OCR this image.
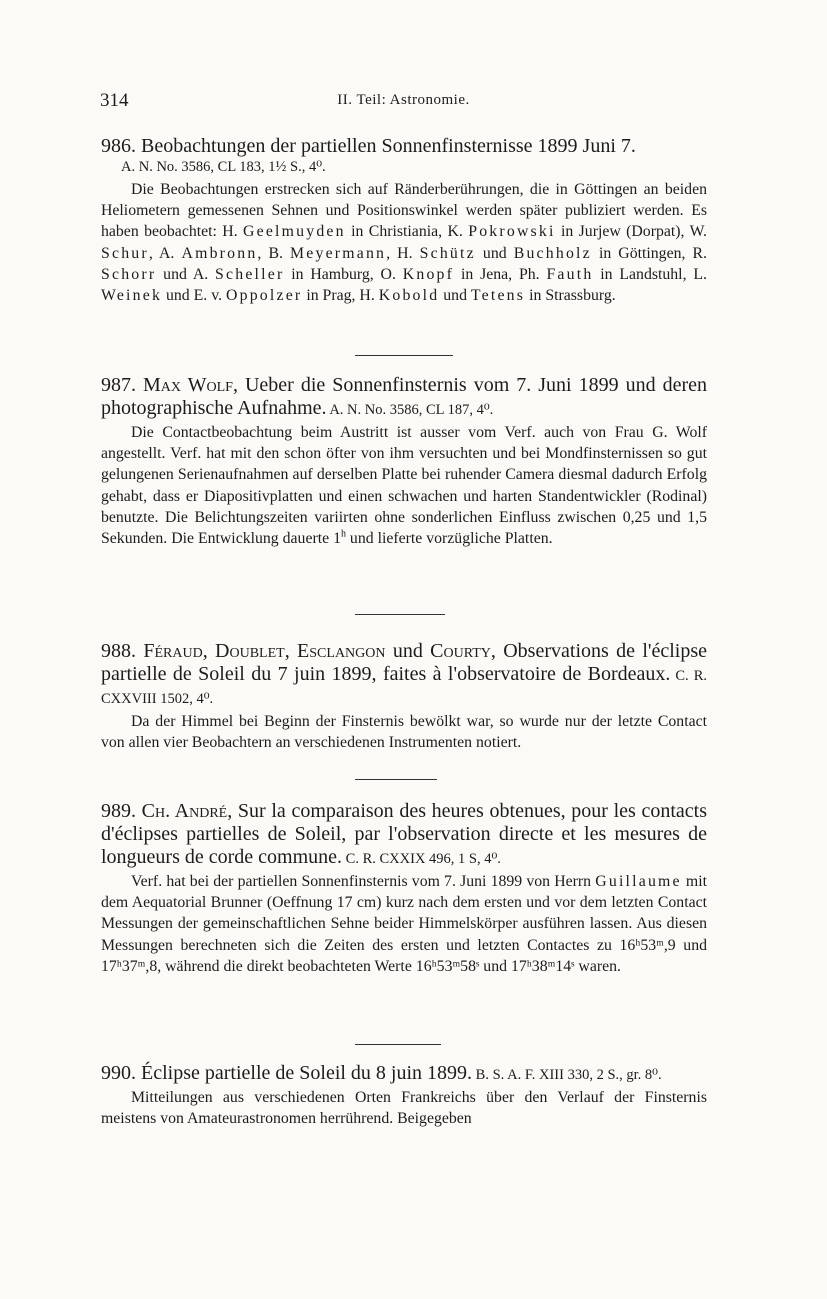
314	II. Teil: Astronomie.
986. Beobachtungen der partiellen Sonnenfinsternisse 1899 Juni 7.
A. N. No. 3586, CL 183, 1½ S., 4⁰.
Die Beobachtungen erstrecken sich auf Ränderberührungen, die in Göttingen an beiden Heliometern gemessenen Sehnen und Positionswinkel werden später publiziert werden. Es haben beobachtet: H. Geelmuyden in Christiania, K. Pokrowski in Jurjew (Dorpat), W. Schur, A. Ambronn, B. Meyermann, H. Schütz und Buchholz in Göttingen, R. Schorr und A. Scheller in Hamburg, O. Knopf in Jena, Ph. Fauth in Landstuhl, L. Weinek und E. v. Oppolzer in Prag, H. Kobold und Tetens in Strassburg.
987. Max Wolf, Ueber die Sonnenfinsternis vom 7. Juni 1899 und deren photographische Aufnahme. A. N. No. 3586, CL 187, 4⁰.
Die Contactbeobachtung beim Austritt ist ausser vom Verf. auch von Frau G. Wolf angestellt. Verf. hat mit den schon öfter von ihm versuchten und bei Mondfinsternissen so gut gelungenen Serienaufnahmen auf derselben Platte bei ruhender Camera diesmal dadurch Erfolg gehabt, dass er Diapositivplatten und einen schwachen und harten Standentwickler (Rodinal) benutzte. Die Belichtungszeiten variirten ohne sonderlichen Einfluss zwischen 0,25 und 1,5 Sekunden. Die Entwicklung dauerte 1$^h$ und lieferte vorzügliche Platten.
988. Féraud, Doublet, Esclangon und Courty, Observations de l'éclipse partielle de Soleil du 7 juin 1899, faites à l'observatoire de Bordeaux. C. R. CXXVIII 1502, 4⁰.
Da der Himmel bei Beginn der Finsternis bewölkt war, so wurde nur der letzte Contact von allen vier Beobachtern an verschiedenen Instrumenten notiert.
989. Ch. André, Sur la comparaison des heures obtenues, pour les contacts d'éclipses partielles de Soleil, par l'observation directe et les mesures de longueurs de corde commune. C. R. CXXIX 496, 1 S, 4⁰.
Verf. hat bei der partiellen Sonnenfinsternis vom 7. Juni 1899 von Herrn Guillaume mit dem Aequatorial Brunner (Oeffnung 17 cm) kurz nach dem ersten und vor dem letzten Contact Messungen der gemeinschaftlichen Sehne beider Himmelskörper ausführen lassen. Aus diesen Messungen berechneten sich die Zeiten des ersten und letzten Contactes zu 16ʰ53ᵐ,9 und 17ʰ37ᵐ,8, während die direkt beobachteten Werte 16ʰ53ᵐ58ˢ und 17ʰ38ᵐ14ˢ waren.
990. Éclipse partielle de Soleil du 8 juin 1899. B. S. A. F. XIII 330, 2 S., gr. 8⁰.
Mitteilungen aus verschiedenen Orten Frankreichs über den Verlauf der Finsternis meistens von Amateurastronomen herrührend. Beigegeben
